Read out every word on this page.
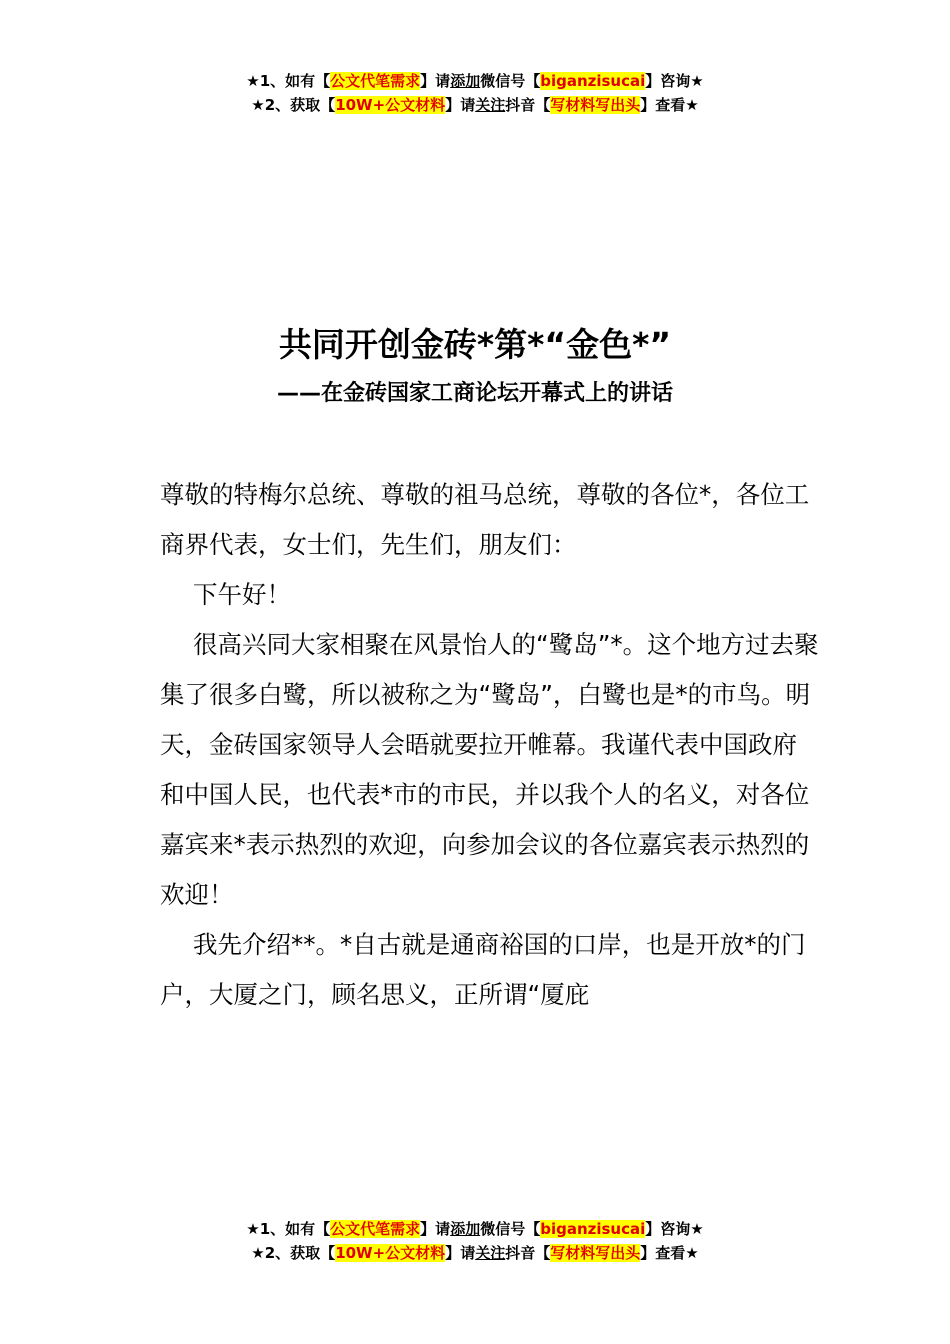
★1、如有【公文代笔需求】请添加微信号【biganzisucai】咨询★
★2、获取【10W+公文材料】请关注抖音【写材料写出头】查看★
共同开创金砖*第*“金色*”
——在金砖国家工商论坛开幕式上的讲话

尊敬的特梅尔总统、尊敬的祖马总统，尊敬的各位*，各位工商界代表，女士们，先生们，朋友们：

下午好！

很高兴同大家相聚在风景怡人的“鹭岛”*。这个地方过去聚集了很多白鹭，所以被称之为“鹭岛”，白鹭也是*的市鸟。明天，金砖国家领导人会晤就要拉开帷幕。我谨代表中国政府和中国人民，也代表*市的市民，并以我个人的名义，对各位嘉宾来*表示热烈的欢迎，向参加会议的各位嘉宾表示热烈的欢迎！

我先介绍**。*自古就是通商裕国的口岸，也是开放*的门户，大厦之门，顾名思义，正所谓“厦庇

★1、如有【公文代笔需求】请添加微信号【biganzisucai】咨询★
★2、获取【10W+公文材料】请关注抖音【写材料写出头】查看★
